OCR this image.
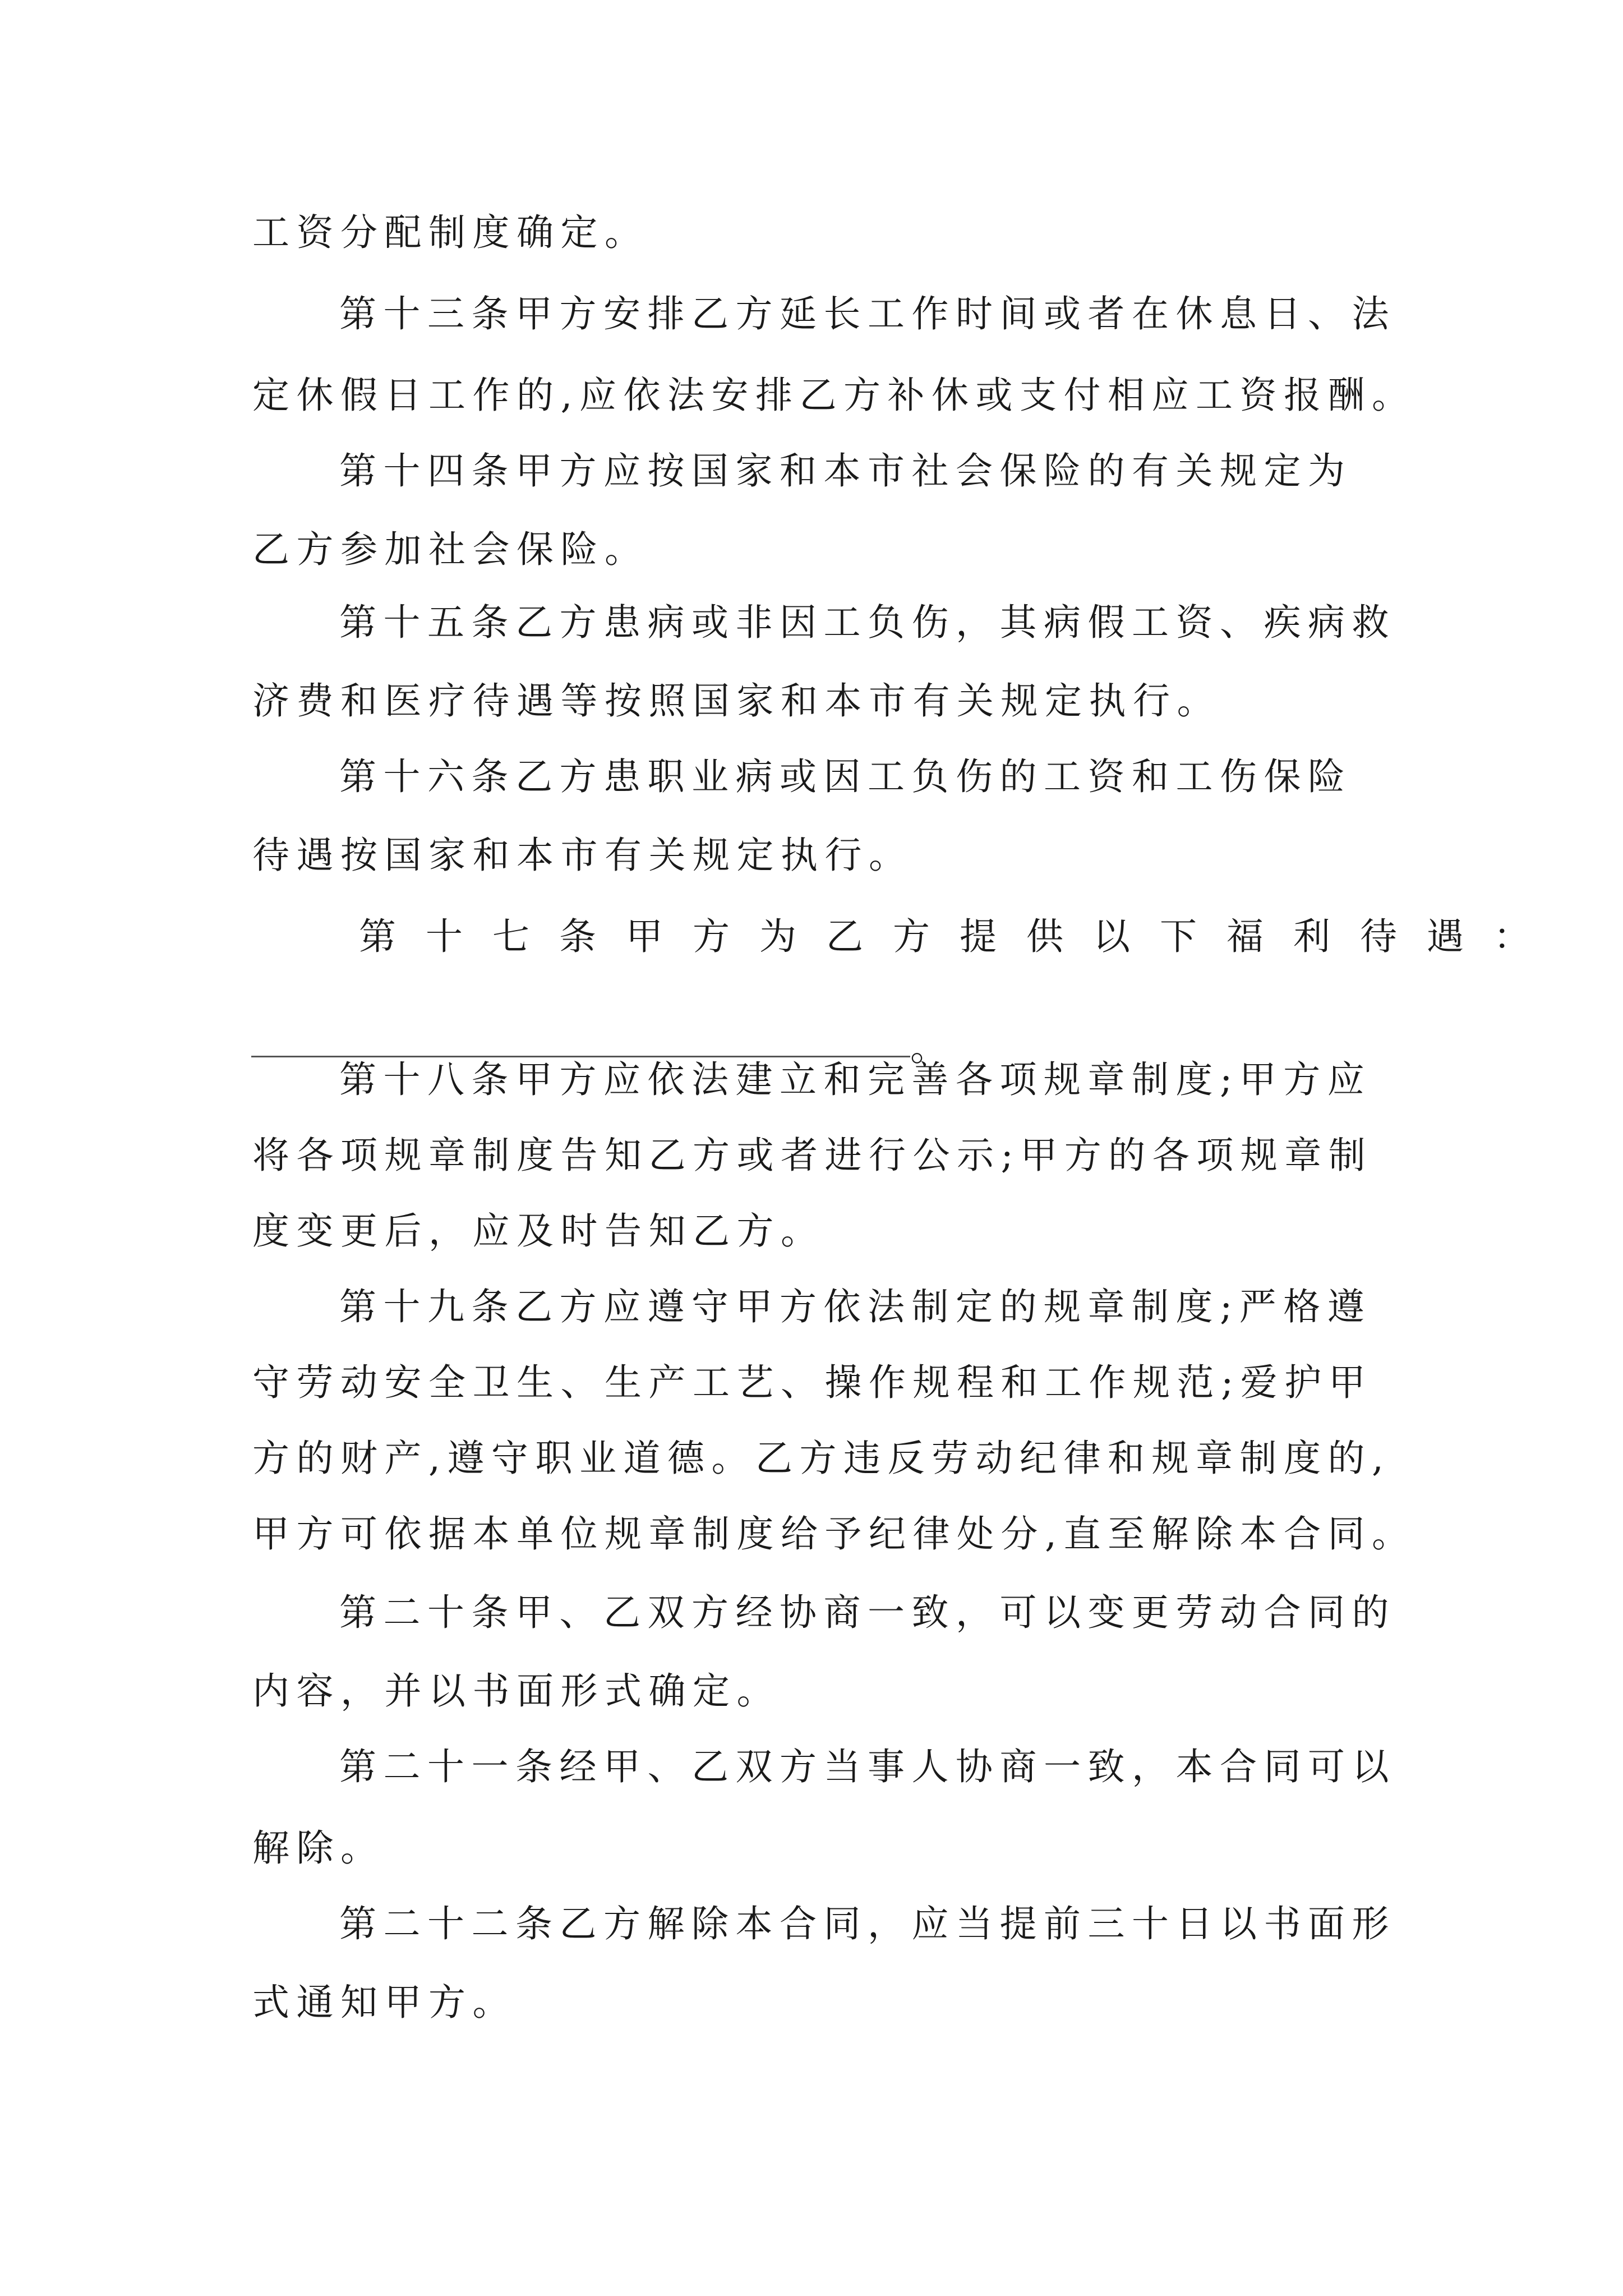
工资分配制度确定。

第十三条甲方安排乙方延长工作时间或者在休息日、法

定休假日工作的,应依法安排乙方补休或支付相应工资报酬。

第十四条甲方应按国家和本市社会保险的有关规定为

乙方参加社会保险。

第十五条乙方患病或非因工负伤，其病假工资、疾病救

济费和医疗待遇等按照国家和本市有关规定执行。

第十六条乙方患职业病或因工负伤的工资和工伤保险

待遇按国家和本市有关规定执行。

第十七条甲方为乙方提供以下福利待遇：

。

第十八条甲方应依法建立和完善各项规章制度;甲方应

将各项规章制度告知乙方或者进行公示;甲方的各项规章制

度变更后，应及时告知乙方。

第十九条乙方应遵守甲方依法制定的规章制度;严格遵

守劳动安全卫生、生产工艺、操作规程和工作规范;爱护甲

方的财产,遵守职业道德。乙方违反劳动纪律和规章制度的,

甲方可依据本单位规章制度给予纪律处分,直至解除本合同。

第二十条甲、乙双方经协商一致，可以变更劳动合同的

内容，并以书面形式确定。

第二十一条经甲、乙双方当事人协商一致，本合同可以

解除。

第二十二条乙方解除本合同，应当提前三十日以书面形

式通知甲方。
